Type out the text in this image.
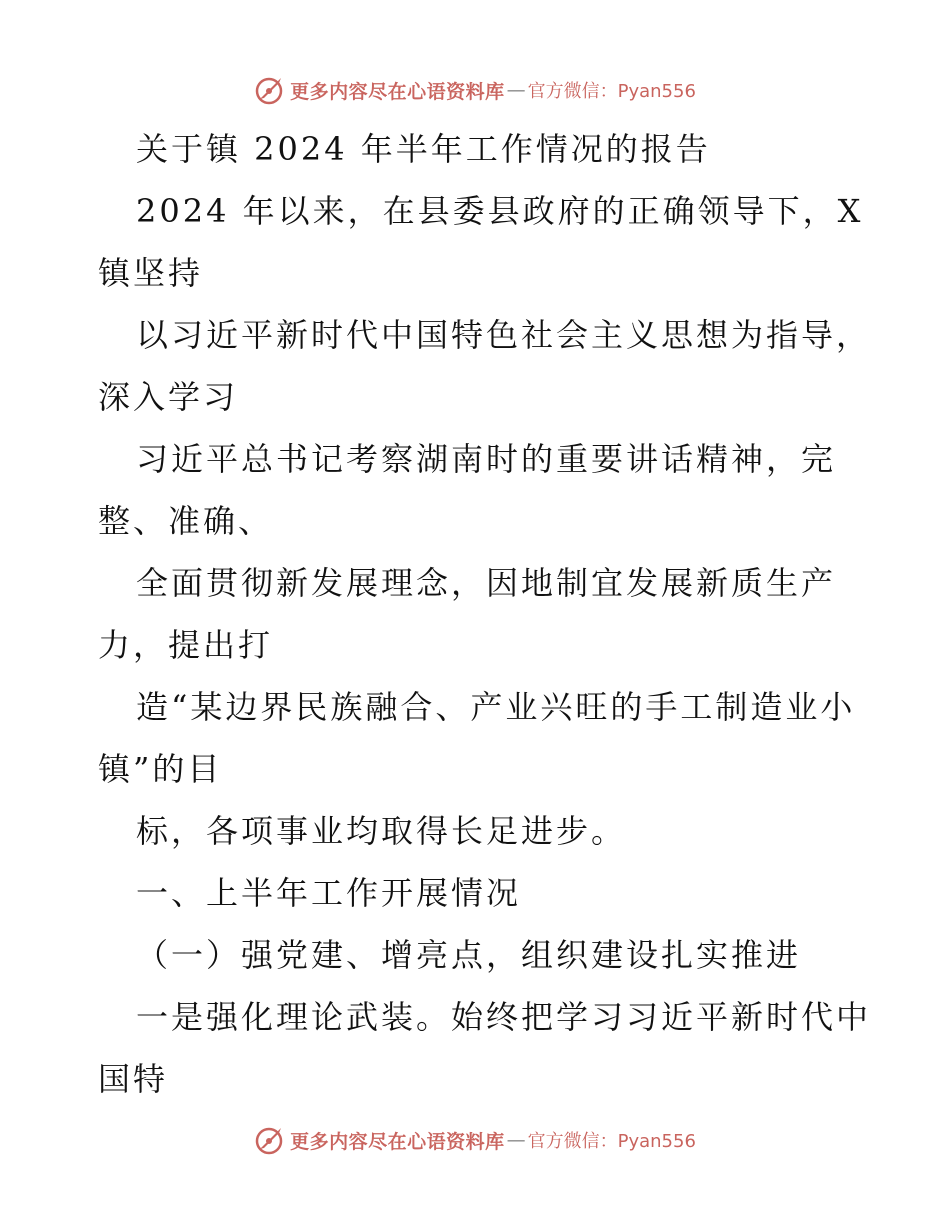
更多内容尽在心语资料库 — 官方微信：Pyan556
关于镇 2024 年半年工作情况的报告
2024 年以来，在县委县政府的正确领导下，X
镇坚持
以习近平新时代中国特色社会主义思想为指导，
深入学习
习近平总书记考察湖南时的重要讲话精神，完
整、准确、
全面贯彻新发展理念，因地制宜发展新质生产
力，提出打
造“某边界民族融合、产业兴旺的手工制造业小
镇”的目
标，各项事业均取得长足进步。
一、上半年工作开展情况
（一）强党建、增亮点，组织建设扎实推进
一是强化理论武装。始终把学习习近平新时代中
国特
更多内容尽在心语资料库 — 官方微信：Pyan556
